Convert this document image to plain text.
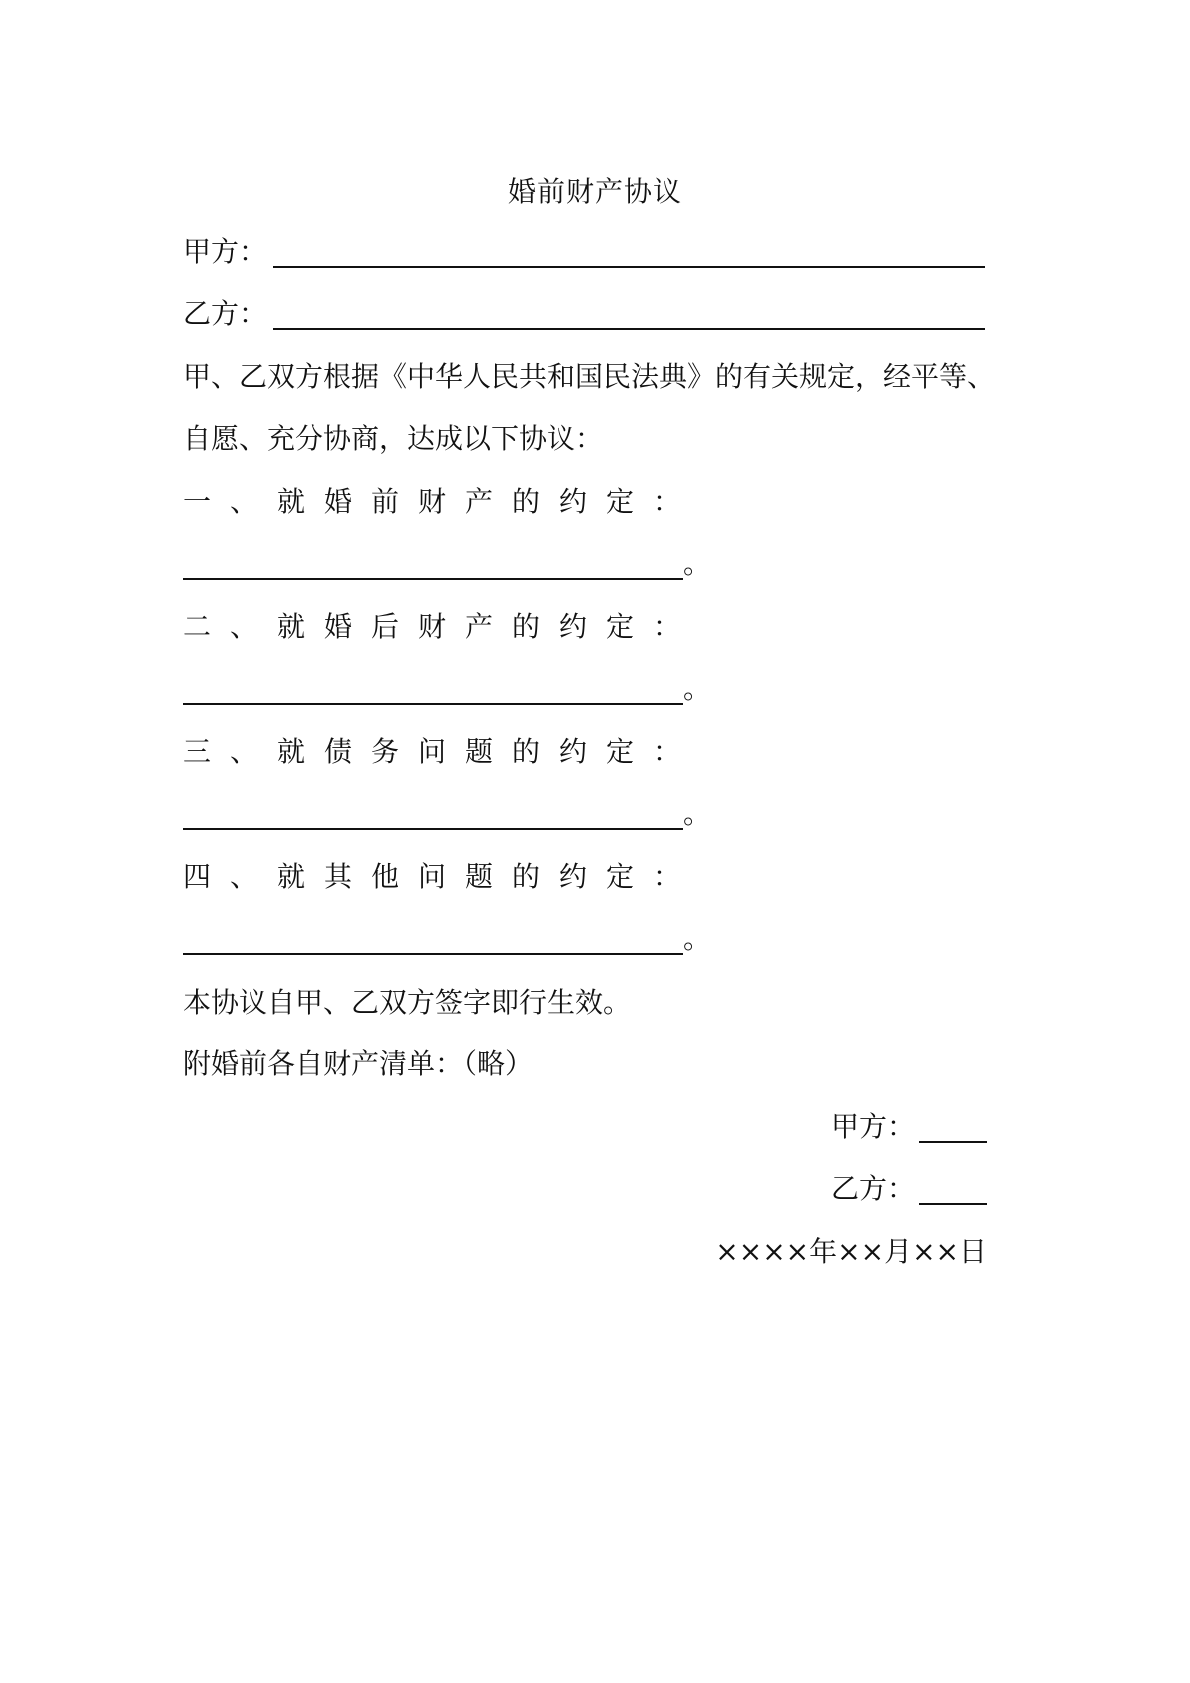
婚前财产协议
甲方：
乙方：
甲、乙双方根据《中华人民共和国民法典》的有关规定，经平等、
自愿、充分协商，达成以下协议：
一、就婚前财产的约定：
。
二、就婚后财产的约定：
。
三、就债务问题的约定：
。
四、就其他问题的约定：
。
本协议自甲、乙双方签字即行生效。
附婚前各自财产清单：（略）
甲方：
乙方：
××××年××月××日
